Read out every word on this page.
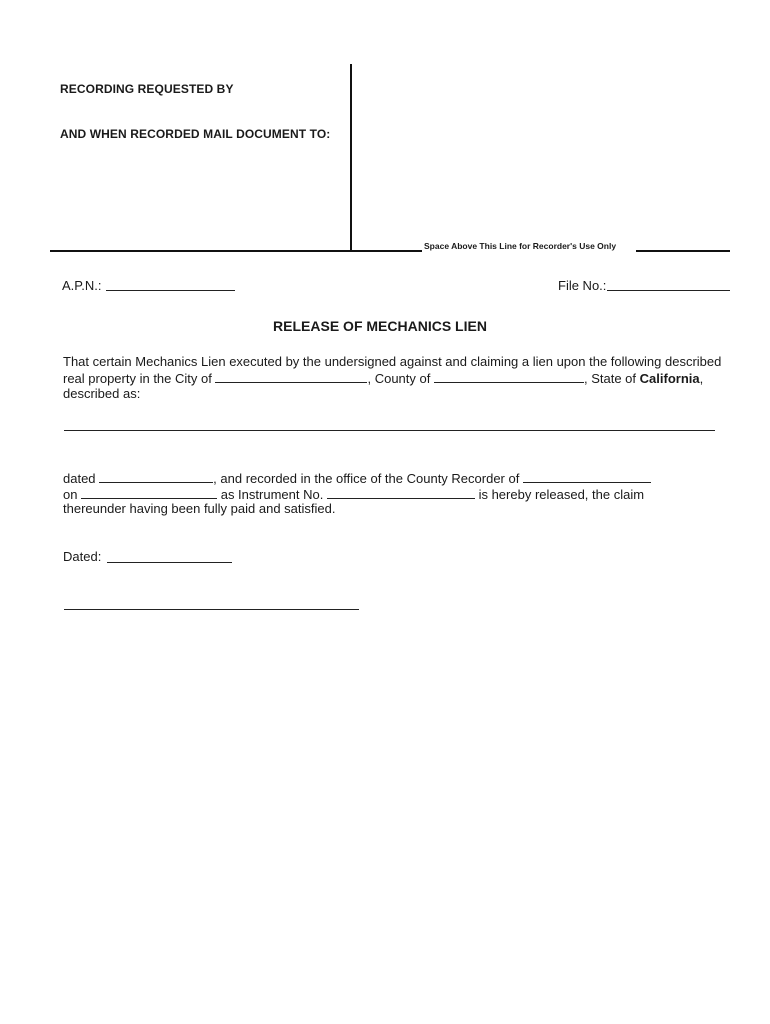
RECORDING REQUESTED BY
AND WHEN RECORDED MAIL DOCUMENT TO:
Space Above This Line for Recorder's Use Only
A.P.N.:	File No.:
RELEASE OF MECHANICS LIEN
That certain Mechanics Lien executed by the undersigned against and claiming a lien upon the following described
real property in the City of	, County of	, State of California,
described as:
dated	, and recorded in the office of the County Recorder of
on	as Instrument No.	is hereby released, the claim
thereunder having been fully paid and satisfied.
Dated:
